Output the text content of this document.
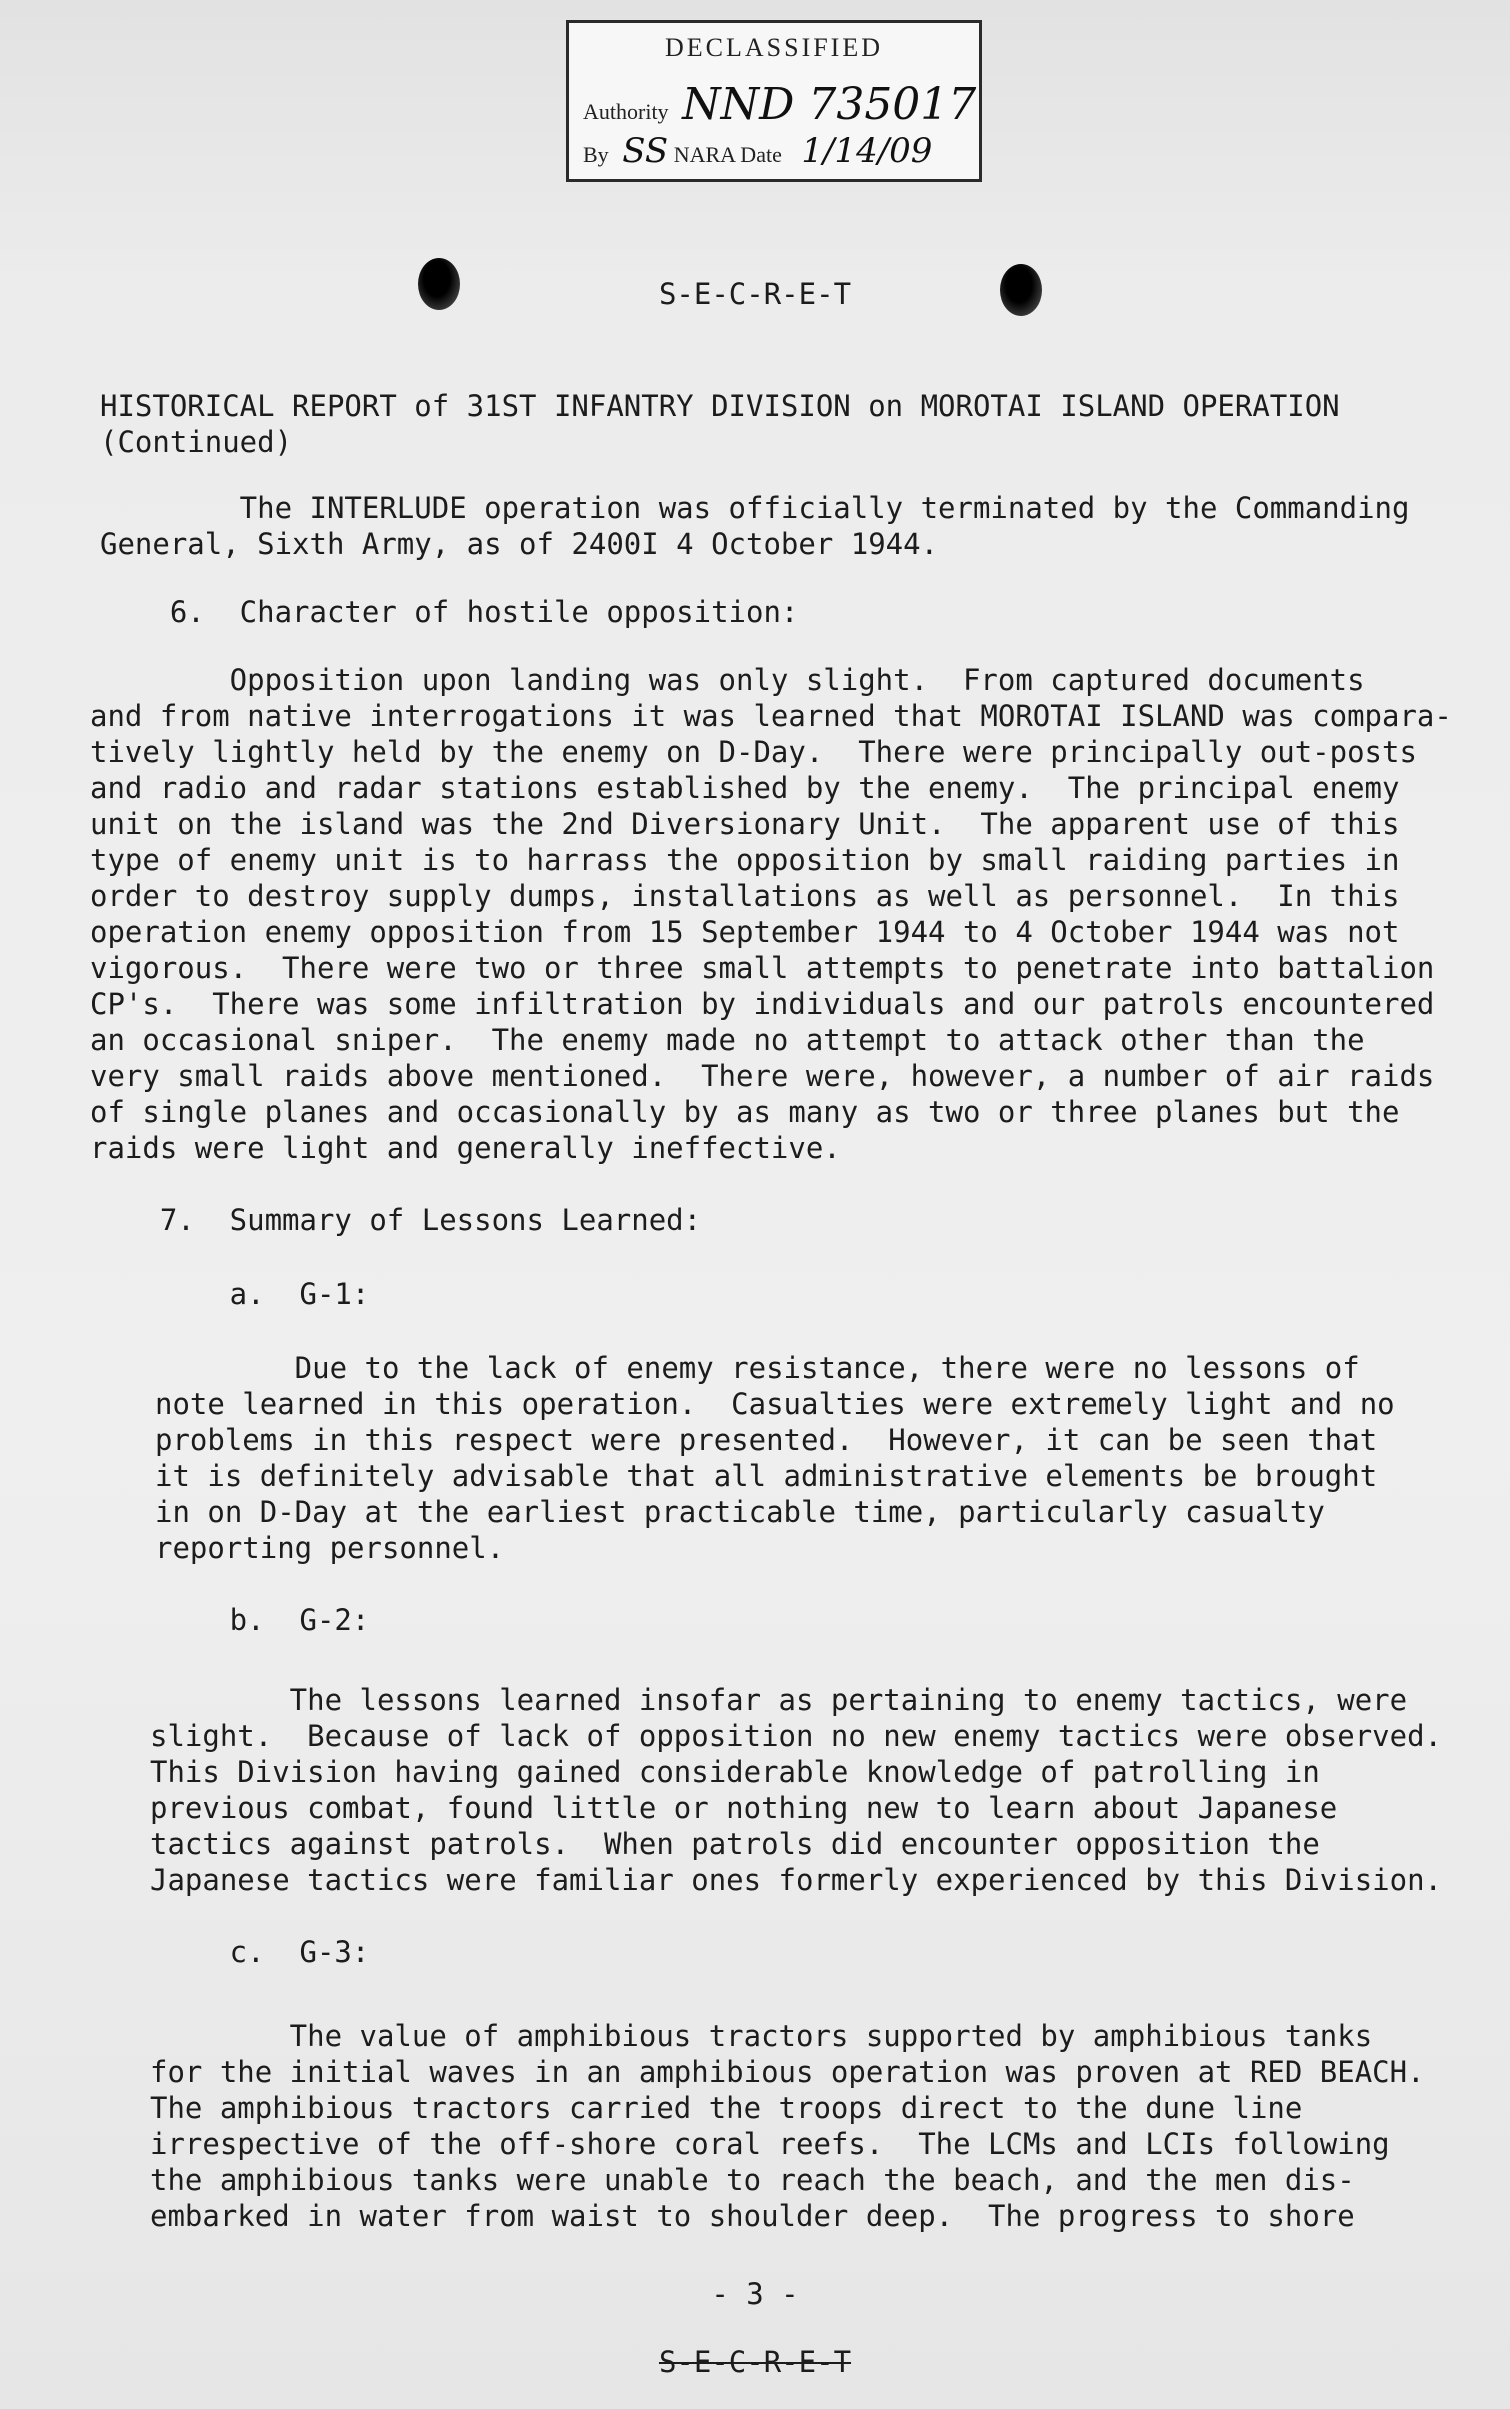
DECLASSIFIED
Authority NND 735017
By SS NARA Date 1/14/09
S-E-C-R-E-T
HISTORICAL REPORT of 31ST INFANTRY DIVISION on MOROTAI ISLAND OPERATION
(Continued)
The INTERLUDE operation was officially terminated by the Commanding
General, Sixth Army, as of 2400I 4 October 1944.
6.  Character of hostile opposition:
Opposition upon landing was only slight.  From captured documents
and from native interrogations it was learned that MOROTAI ISLAND was compara-
tively lightly held by the enemy on D-Day.  There were principally out-posts
and radio and radar stations established by the enemy.  The principal enemy
unit on the island was the 2nd Diversionary Unit.  The apparent use of this
type of enemy unit is to harrass the opposition by small raiding parties in
order to destroy supply dumps, installations as well as personnel.  In this
operation enemy opposition from 15 September 1944 to 4 October 1944 was not
vigorous.  There were two or three small attempts to penetrate into battalion
CP's.  There was some infiltration by individuals and our patrols encountered
an occasional sniper.  The enemy made no attempt to attack other than the
very small raids above mentioned.  There were, however, a number of air raids
of single planes and occasionally by as many as two or three planes but the
raids were light and generally ineffective.
7.  Summary of Lessons Learned:
a.  G-1:
Due to the lack of enemy resistance, there were no lessons of
note learned in this operation.  Casualties were extremely light and no
problems in this respect were presented.  However, it can be seen that
it is definitely advisable that all administrative elements be brought
in on D-Day at the earliest practicable time, particularly casualty
reporting personnel.
b.  G-2:
The lessons learned insofar as pertaining to enemy tactics, were
slight.  Because of lack of opposition no new enemy tactics were observed.
This Division having gained considerable knowledge of patrolling in
previous combat, found little or nothing new to learn about Japanese
tactics against patrols.  When patrols did encounter opposition the
Japanese tactics were familiar ones formerly experienced by this Division.
c.  G-3:
The value of amphibious tractors supported by amphibious tanks
for the initial waves in an amphibious operation was proven at RED BEACH.
The amphibious tractors carried the troops direct to the dune line
irrespective of the off-shore coral reefs.  The LCMs and LCIs following
the amphibious tanks were unable to reach the beach, and the men dis-
embarked in water from waist to shoulder deep.  The progress to shore
- 3 -
S-E-C-R-E-T
